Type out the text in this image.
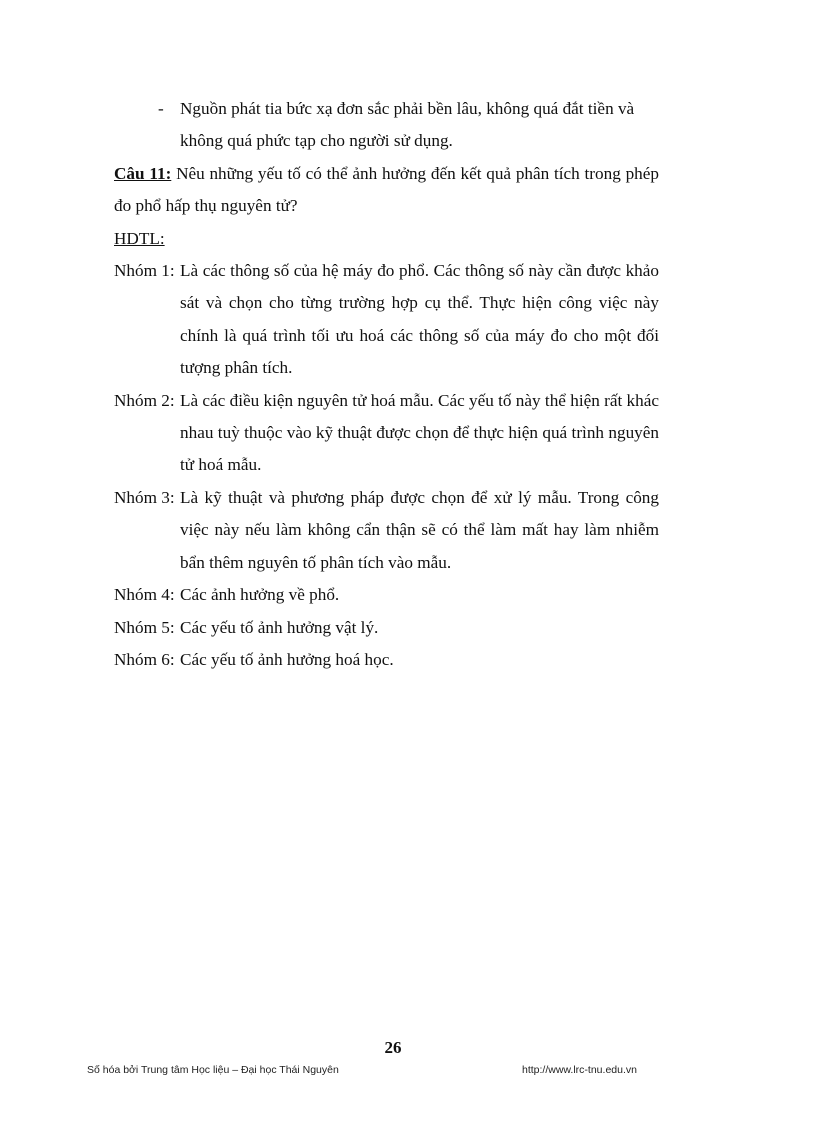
- Nguồn phát tia bức xạ đơn sắc phải bền lâu, không quá đắt tiền và không quá phức tạp cho người sử dụng.

Câu 11: Nêu những yếu tố có thể ảnh hưởng đến kết quả phân tích trong phép đo phổ hấp thụ nguyên tử?

HDTL:

Nhóm 1: Là các thông số của hệ máy đo phổ. Các thông số này cần được khảo sát và chọn cho từng trường hợp cụ thể. Thực hiện công việc này chính là quá trình tối ưu hoá các thông số của máy đo cho một đối tượng phân tích.

Nhóm 2: Là các điều kiện nguyên tử hoá mẫu. Các yếu tố này thể hiện rất khác nhau tuỳ thuộc vào kỹ thuật được chọn để thực hiện quá trình nguyên tử hoá mẫu.

Nhóm 3: Là kỹ thuật và phương pháp được chọn để xử lý mẫu. Trong công việc này nếu làm không cẩn thận sẽ có thể làm mất hay làm nhiễm bẩn thêm nguyên tố phân tích vào mẫu.

Nhóm 4: Các ảnh hưởng về phổ.

Nhóm 5: Các yếu tố ảnh hưởng vật lý.

Nhóm 6: Các yếu tố ảnh hưởng hoá học.

26
Số hóa bởi Trung tâm Học liệu – Đại học Thái Nguyên	http://www.lrc-tnu.edu.vn
